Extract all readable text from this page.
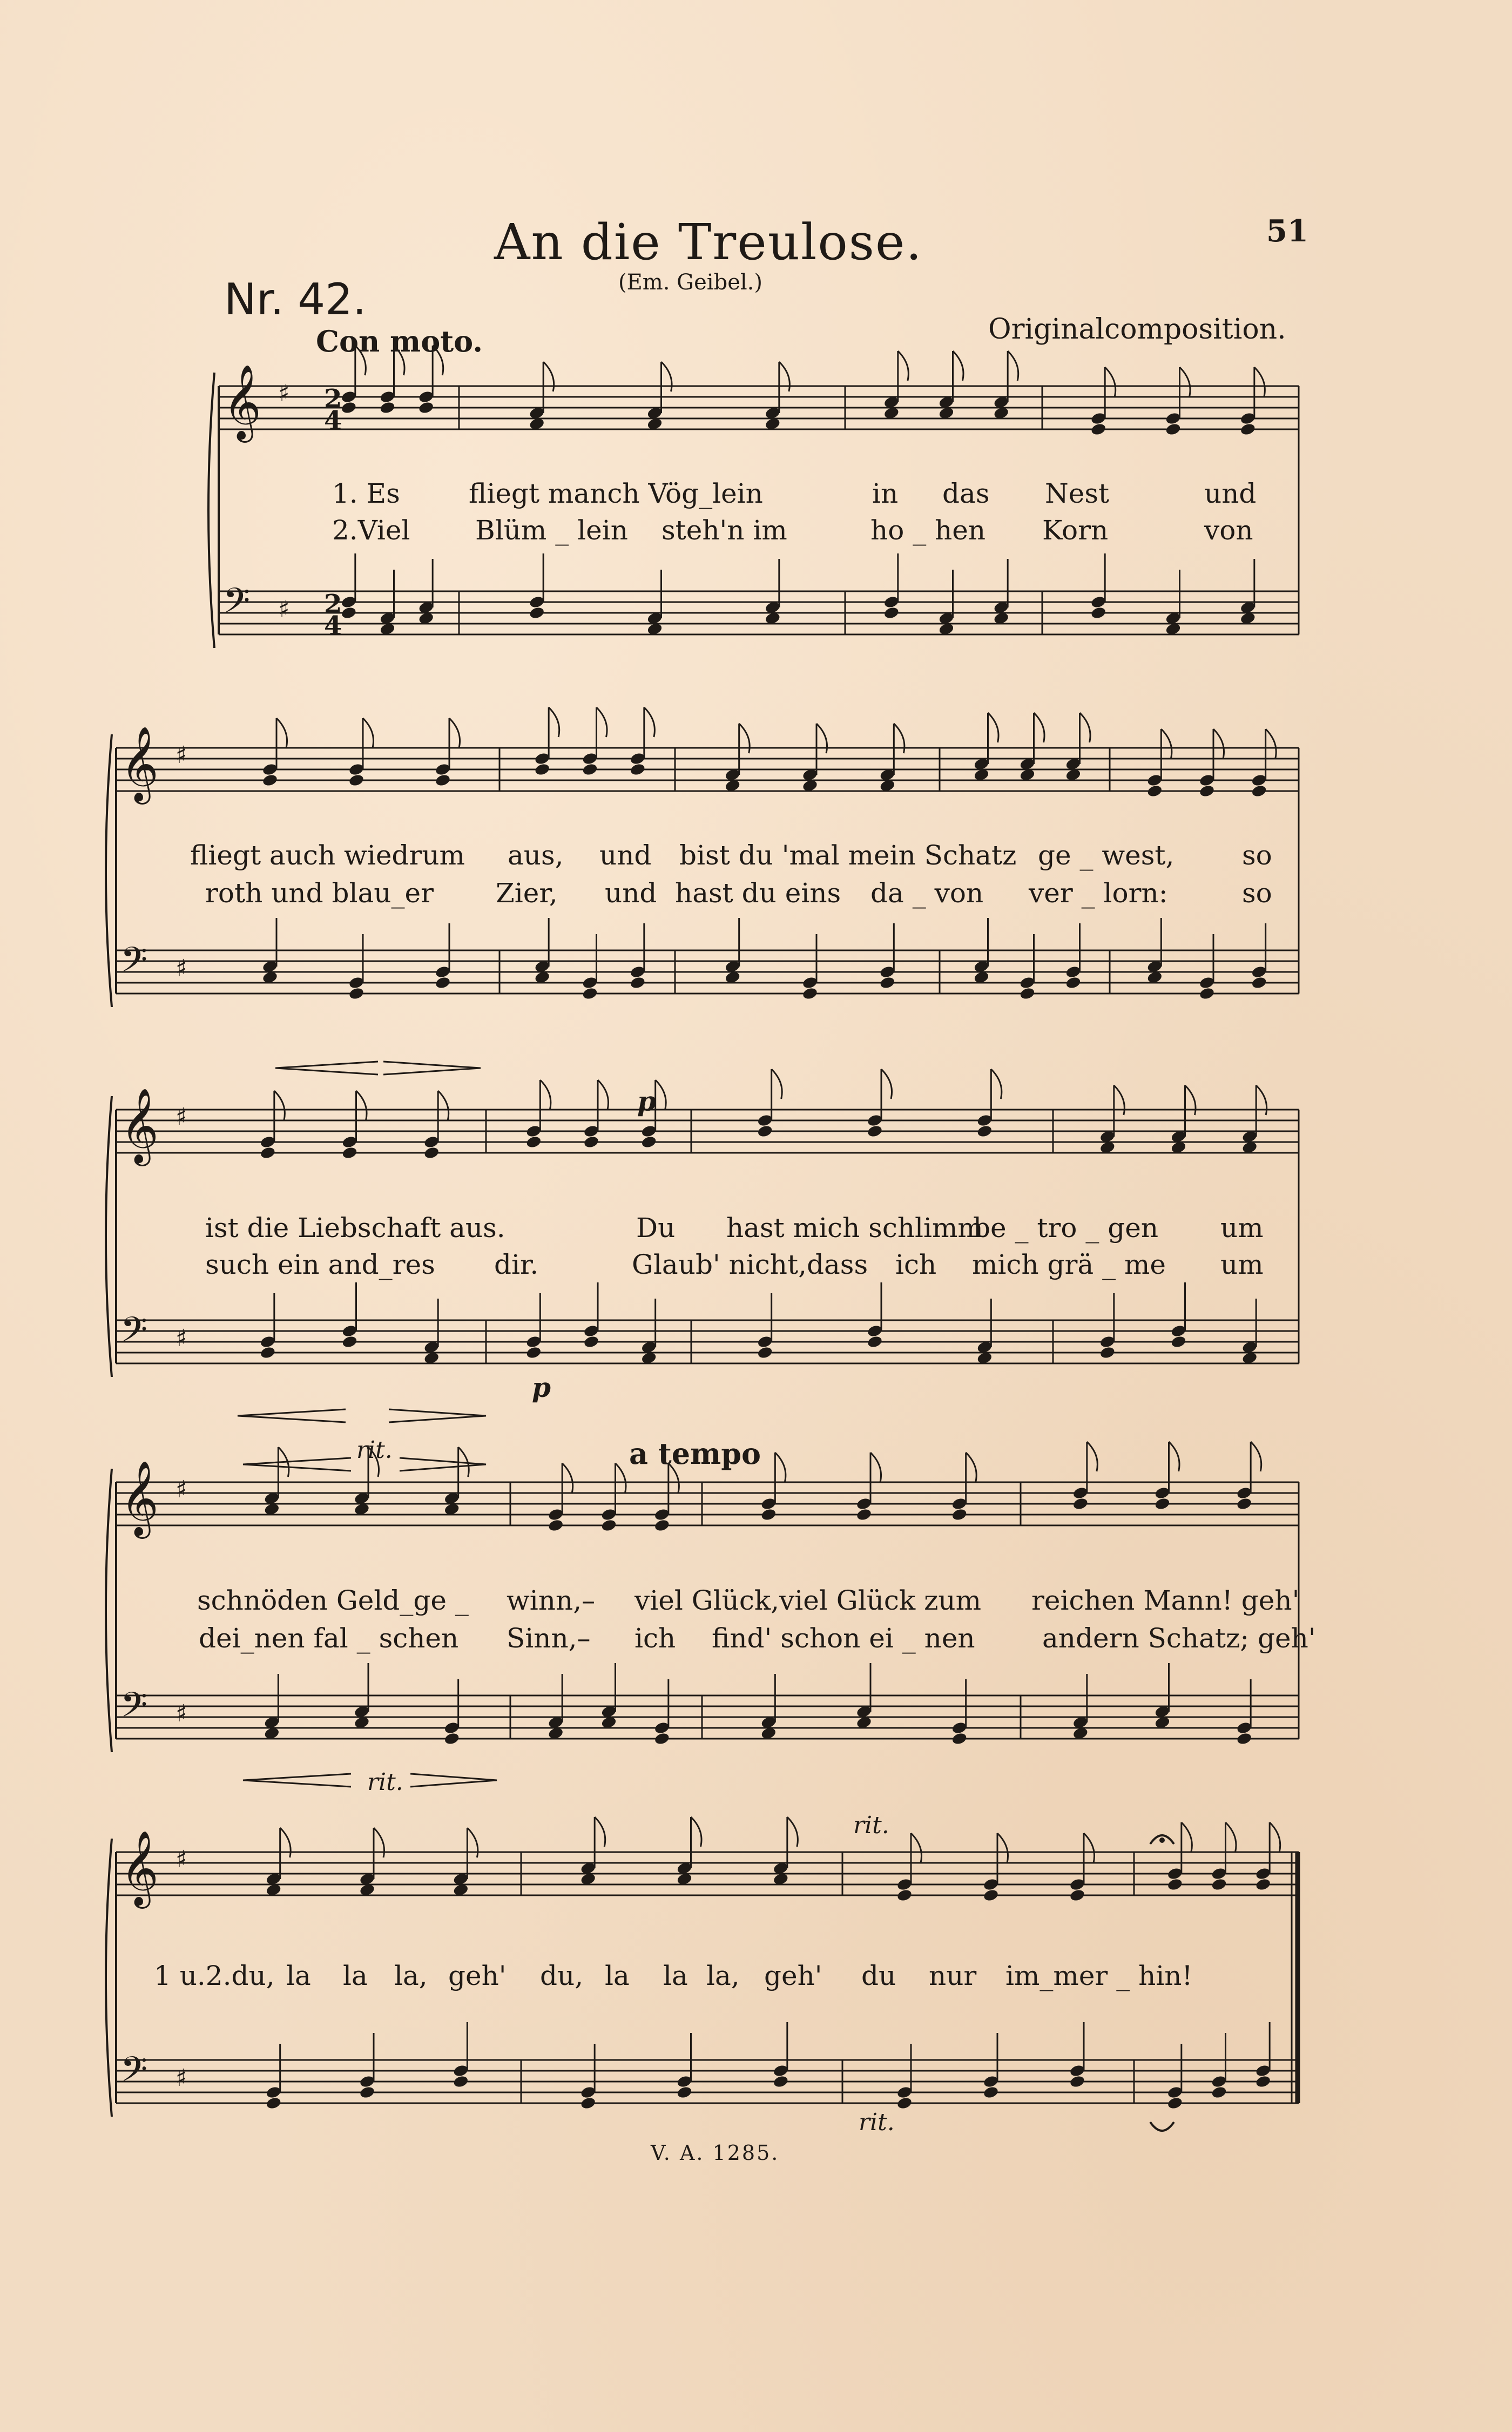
An die Treulose.
(Em. Geibel.)
51
Nr. 42.
Con moto.	Originalcomposition.
𝄞 ♯
𝄢 ♯
𝄞 ♯
𝄢 ♯
𝄞 ♯
𝄢 ♯
𝄞 ♯
𝄢 ♯
𝄞 ♯
𝄢 ♯
2
4
2
4
1. Es	fliegt manch Vög_lein	in das Nest	und
2.Viel Blüm _ lein steh'n im	ho _ hen Korn	von
fliegt auch wiedrum aus, und bist du 'mal mein Schatz ge _ west,	so
roth und blau_er Zier, und hast du eins da _ von ver _ lorn:	so
ist die Liebschaft aus.	Du hast mich schlimm
be _ tro _ gen um
such ein and_res dir.	Glaub' nicht,dass ich mich grä _ me um
schnöden Geld_ge _ winn,– viel Glück,viel Glück zum reichen Mann! geh'
dei_nen fal _ schen Sinn,– ich find' schon ei _ nen andern Schatz; geh'
1 u.2.du, la la la, geh' du, la la la, geh' du nur im_mer _ hin!
p
p
rit.	a tempo
rit.
rit.
rit.
V. A. 1285.
